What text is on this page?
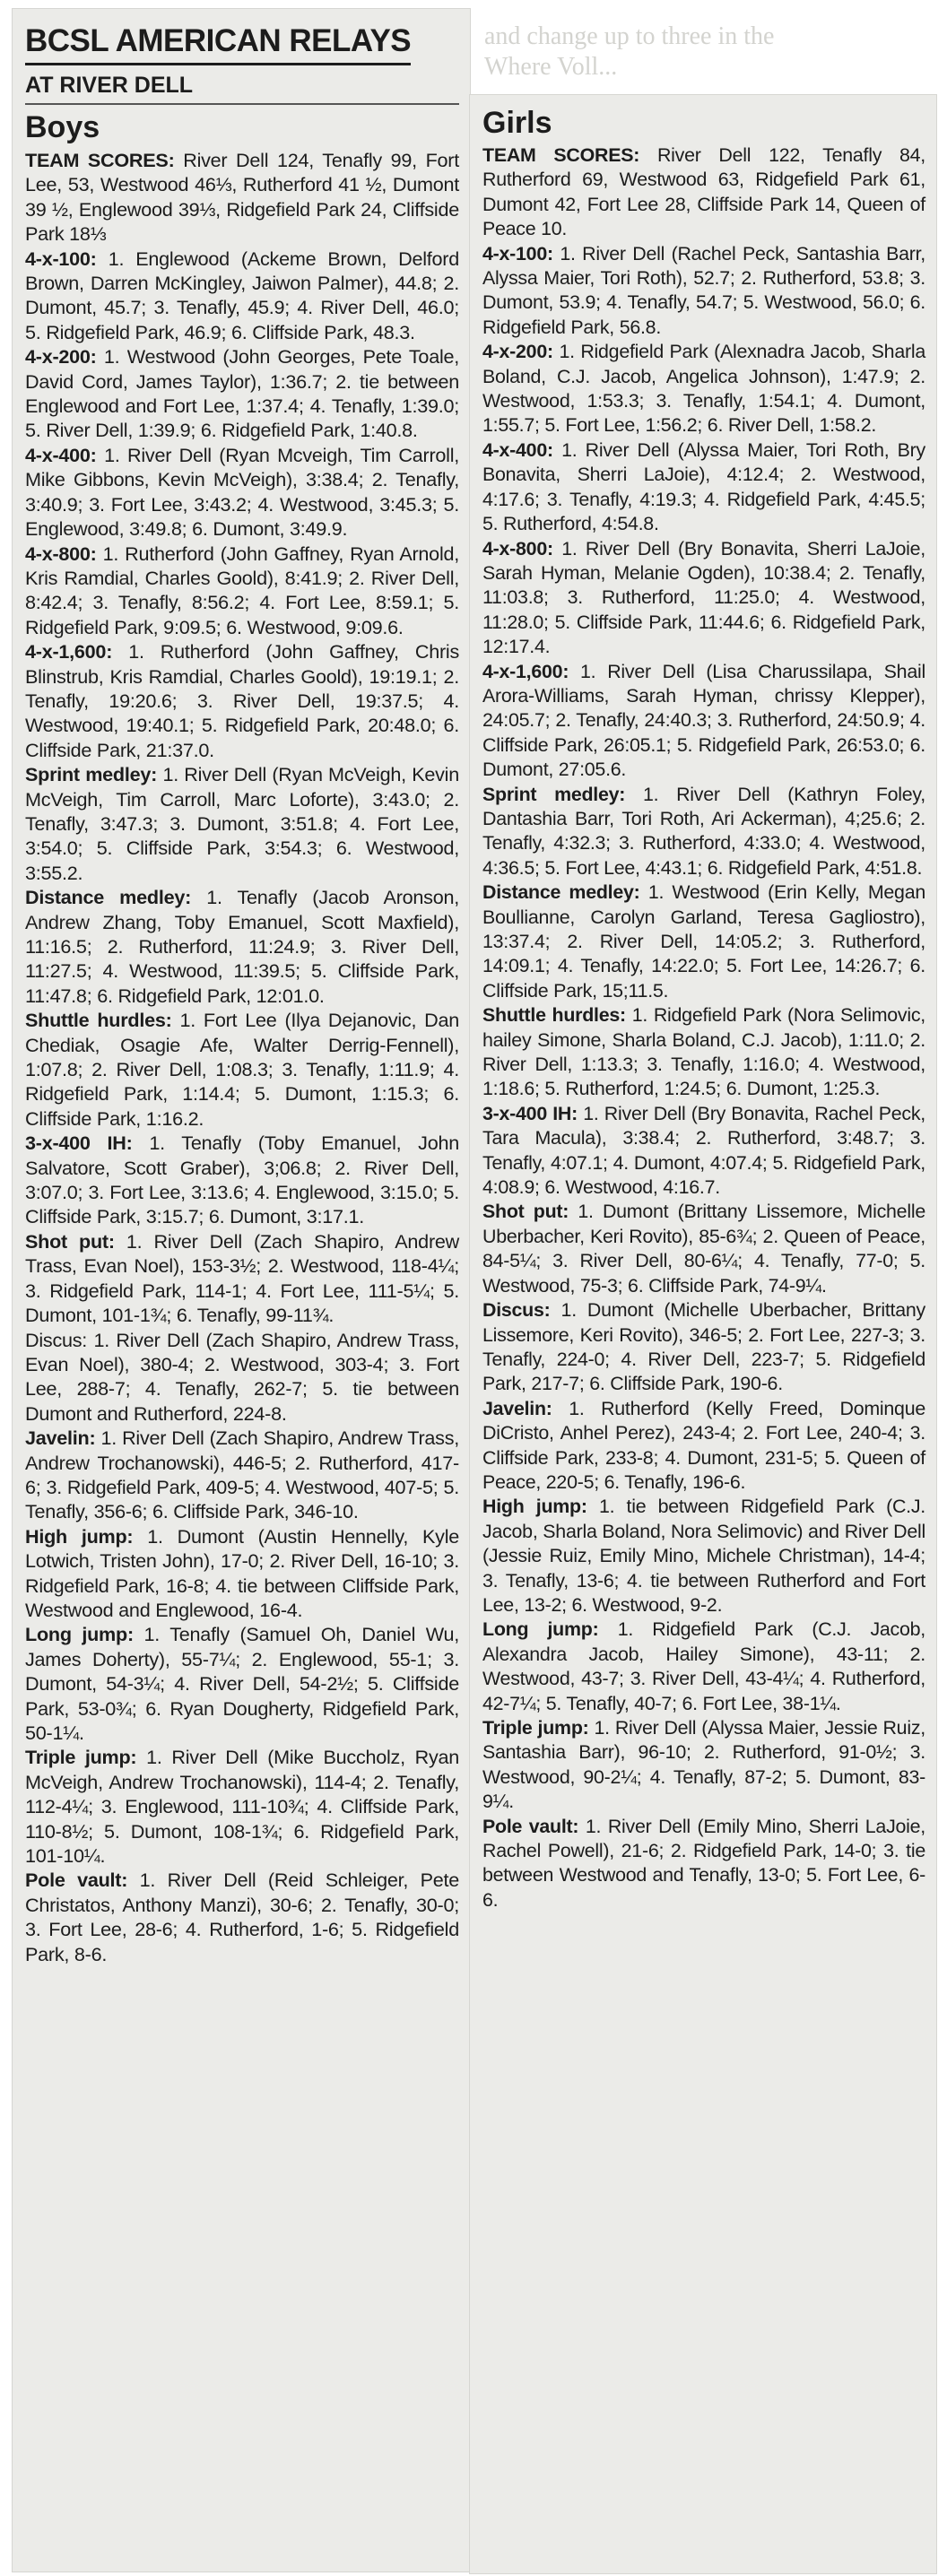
and change up to three in the
Where Voll...
BCSL AMERICAN RELAYS
AT RIVER DELL
Boys

TEAM SCORES: River Dell 124, Tenafly 99, Fort Lee, 53, Westwood 46⅓, Rutherford 41 ½, Dumont 39 ½, Englewood 39⅓, Ridgefield Park 24, Cliffside Park 18⅓

4-x-100: 1. Englewood (Ackeme Brown, Delford Brown, Darren McKingley, Jaiwon Palmer), 44.8; 2. Dumont, 45.7; 3. Tenafly, 45.9; 4. River Dell, 46.0; 5. Ridgefield Park, 46.9; 6. Cliffside Park, 48.3.

4-x-200: 1. Westwood (John Georges, Pete Toale, David Cord, James Taylor), 1:36.7; 2. tie between Englewood and Fort Lee, 1:37.4; 4. Tenafly, 1:39.0; 5. River Dell, 1:39.9; 6. Ridgefield Park, 1:40.8.

4-x-400: 1. River Dell (Ryan Mcveigh, Tim Carroll, Mike Gibbons, Kevin McVeigh), 3:38.4; 2. Tenafly, 3:40.9; 3. Fort Lee, 3:43.2; 4. Westwood, 3:45.3; 5. Englewood, 3:49.8; 6. Dumont, 3:49.9.

4-x-800: 1. Rutherford (John Gaffney, Ryan Arnold, Kris Ramdial, Charles Goold), 8:41.9; 2. River Dell, 8:42.4; 3. Tenafly, 8:56.2; 4. Fort Lee, 8:59.1; 5. Ridgefield Park, 9:09.5; 6. Westwood, 9:09.6.

4-x-1,600: 1. Rutherford (John Gaffney, Chris Blinstrub, Kris Ramdial, Charles Goold), 19:19.1; 2. Tenafly, 19:20.6; 3. River Dell, 19:37.5; 4. Westwood, 19:40.1; 5. Ridgefield Park, 20:48.0; 6. Cliffside Park, 21:37.0.

Sprint medley: 1. River Dell (Ryan McVeigh, Kevin McVeigh, Tim Carroll, Marc Loforte), 3:43.0; 2. Tenafly, 3:47.3; 3. Dumont, 3:51.8; 4. Fort Lee, 3:54.0; 5. Cliffside Park, 3:54.3; 6. Westwood, 3:55.2.

Distance medley: 1. Tenafly (Jacob Aronson, Andrew Zhang, Toby Emanuel, Scott Maxfield), 11:16.5; 2. Rutherford, 11:24.9; 3. River Dell, 11:27.5; 4. Westwood, 11:39.5; 5. Cliffside Park, 11:47.8; 6. Ridgefield Park, 12:01.0.

Shuttle hurdles: 1. Fort Lee (Ilya Dejanovic, Dan Chediak, Osagie Afe, Walter Derrig-Fennell), 1:07.8; 2. River Dell, 1:08.3; 3. Tenafly, 1:11.9; 4. Ridgefield Park, 1:14.4; 5. Dumont, 1:15.3; 6. Cliffside Park, 1:16.2.

3-x-400 IH: 1. Tenafly (Toby Emanuel, John Salvatore, Scott Graber), 3;06.8; 2. River Dell, 3:07.0; 3. Fort Lee, 3:13.6; 4. Englewood, 3:15.0; 5. Cliffside Park, 3:15.7; 6. Dumont, 3:17.1.

Shot put: 1. River Dell (Zach Shapiro, Andrew Trass, Evan Noel), 153-3½; 2. Westwood, 118-4¼; 3. Ridgefield Park, 114-1; 4. Fort Lee, 111-5¼; 5. Dumont, 101-1¾; 6. Tenafly, 99-11¾.

Discus: 1. River Dell (Zach Shapiro, Andrew Trass, Evan Noel), 380-4; 2. Westwood, 303-4; 3. Fort Lee, 288-7; 4. Tenafly, 262-7; 5. tie between Dumont and Rutherford, 224-8.

Javelin: 1. River Dell (Zach Shapiro, Andrew Trass, Andrew Trochanowski), 446-5; 2. Rutherford, 417-6; 3. Ridgefield Park, 409-5; 4. Westwood, 407-5; 5. Tenafly, 356-6; 6. Cliffside Park, 346-10.

High jump: 1. Dumont (Austin Hennelly, Kyle Lotwich, Tristen John), 17-0; 2. River Dell, 16-10; 3. Ridgefield Park, 16-8; 4. tie between Cliffside Park, Westwood and Englewood, 16-4.

Long jump: 1. Tenafly (Samuel Oh, Daniel Wu, James Doherty), 55-7¼; 2. Englewood, 55-1; 3. Dumont, 54-3¼; 4. River Dell, 54-2½; 5. Cliffside Park, 53-0¾; 6. Ryan Dougherty, Ridgefield Park, 50-1¼.

Triple jump: 1. River Dell (Mike Buccholz, Ryan McVeigh, Andrew Trochanowski), 114-4; 2. Tenafly, 112-4¼; 3. Englewood, 111-10¾; 4. Cliffside Park, 110-8½; 5. Dumont, 108-1¾; 6. Ridgefield Park, 101-10¼.

Pole vault: 1. River Dell (Reid Schleiger, Pete Christatos, Anthony Manzi), 30-6; 2. Tenafly, 30-0; 3. Fort Lee, 28-6; 4. Rutherford, 1-6; 5. Ridgefield Park, 8-6.

Girls

TEAM SCORES: River Dell 122, Tenafly 84, Rutherford 69, Westwood 63, Ridgefield Park 61, Dumont 42, Fort Lee 28, Cliffside Park 14, Queen of Peace 10.

4-x-100: 1. River Dell (Rachel Peck, Santashia Barr, Alyssa Maier, Tori Roth), 52.7; 2. Rutherford, 53.8; 3. Dumont, 53.9; 4. Tenafly, 54.7; 5. Westwood, 56.0; 6. Ridgefield Park, 56.8.

4-x-200: 1. Ridgefield Park (Alexnadra Jacob, Sharla Boland, C.J. Jacob, Angelica Johnson), 1:47.9; 2. Westwood, 1:53.3; 3. Tenafly, 1:54.1; 4. Dumont, 1:55.7; 5. Fort Lee, 1:56.2; 6. River Dell, 1:58.2.

4-x-400: 1. River Dell (Alyssa Maier, Tori Roth, Bry Bonavita, Sherri LaJoie), 4:12.4; 2. Westwood, 4:17.6; 3. Tenafly, 4:19.3; 4. Ridgefield Park, 4:45.5; 5. Rutherford, 4:54.8.

4-x-800: 1. River Dell (Bry Bonavita, Sherri LaJoie, Sarah Hyman, Melanie Ogden), 10:38.4; 2. Tenafly, 11:03.8; 3. Rutherford, 11:25.0; 4. Westwood, 11:28.0; 5. Cliffside Park, 11:44.6; 6. Ridgefield Park, 12:17.4.

4-x-1,600: 1. River Dell (Lisa Charussilapa, Shail Arora-Williams, Sarah Hyman, chrissy Klepper), 24:05.7; 2. Tenafly, 24:40.3; 3. Rutherford, 24:50.9; 4. Cliffside Park, 26:05.1; 5. Ridgefield Park, 26:53.0; 6. Dumont, 27:05.6.

Sprint medley: 1. River Dell (Kathryn Foley, Dantashia Barr, Tori Roth, Ari Ackerman), 4;25.6; 2. Tenafly, 4:32.3; 3. Rutherford, 4:33.0; 4. Westwood, 4:36.5; 5. Fort Lee, 4:43.1; 6. Ridgefield Park, 4:51.8.

Distance medley: 1. Westwood (Erin Kelly, Megan Boullianne, Carolyn Garland, Teresa Gagliostro), 13:37.4; 2. River Dell, 14:05.2; 3. Rutherford, 14:09.1; 4. Tenafly, 14:22.0; 5. Fort Lee, 14:26.7; 6. Cliffside Park, 15;11.5.

Shuttle hurdles: 1. Ridgefield Park (Nora Selimovic, hailey Simone, Sharla Boland, C.J. Jacob), 1:11.0; 2. River Dell, 1:13.3; 3. Tenafly, 1:16.0; 4. Westwood, 1:18.6; 5. Rutherford, 1:24.5; 6. Dumont, 1:25.3.

3-x-400 IH: 1. River Dell (Bry Bonavita, Rachel Peck, Tara Macula), 3:38.4; 2. Rutherford, 3:48.7; 3. Tenafly, 4:07.1; 4. Dumont, 4:07.4; 5. Ridgefield Park, 4:08.9; 6. Westwood, 4:16.7.

Shot put: 1. Dumont (Brittany Lissemore, Michelle Uberbacher, Keri Rovito), 85-6¾; 2. Queen of Peace, 84-5¼; 3. River Dell, 80-6¼; 4. Tenafly, 77-0; 5. Westwood, 75-3; 6. Cliffside Park, 74-9¼.

Discus: 1. Dumont (Michelle Uberbacher, Brittany Lissemore, Keri Rovito), 346-5; 2. Fort Lee, 227-3; 3. Tenafly, 224-0; 4. River Dell, 223-7; 5. Ridgefield Park, 217-7; 6. Cliffside Park, 190-6.

Javelin: 1. Rutherford (Kelly Freed, Dominque DiCristo, Anhel Perez), 243-4; 2. Fort Lee, 240-4; 3. Cliffside Park, 233-8; 4. Dumont, 231-5; 5. Queen of Peace, 220-5; 6. Tenafly, 196-6.

High jump: 1. tie between Ridgefield Park (C.J. Jacob, Sharla Boland, Nora Selimovic) and River Dell (Jessie Ruiz, Emily Mino, Michele Christman), 14-4; 3. Tenafly, 13-6; 4. tie between Rutherford and Fort Lee, 13-2; 6. Westwood, 9-2.

Long jump: 1. Ridgefield Park (C.J. Jacob, Alexandra Jacob, Hailey Simone), 43-11; 2. Westwood, 43-7; 3. River Dell, 43-4¼; 4. Rutherford, 42-7¼; 5. Tenafly, 40-7; 6. Fort Lee, 38-1¼.

Triple jump: 1. River Dell (Alyssa Maier, Jessie Ruiz, Santashia Barr), 96-10; 2. Rutherford, 91-0½; 3. Westwood, 90-2¼; 4. Tenafly, 87-2; 5. Dumont, 83-9¼.

Pole vault: 1. River Dell (Emily Mino, Sherri LaJoie, Rachel Powell), 21-6; 2. Ridgefield Park, 14-0; 3. tie between Westwood and Tenafly, 13-0; 5. Fort Lee, 6-6.
